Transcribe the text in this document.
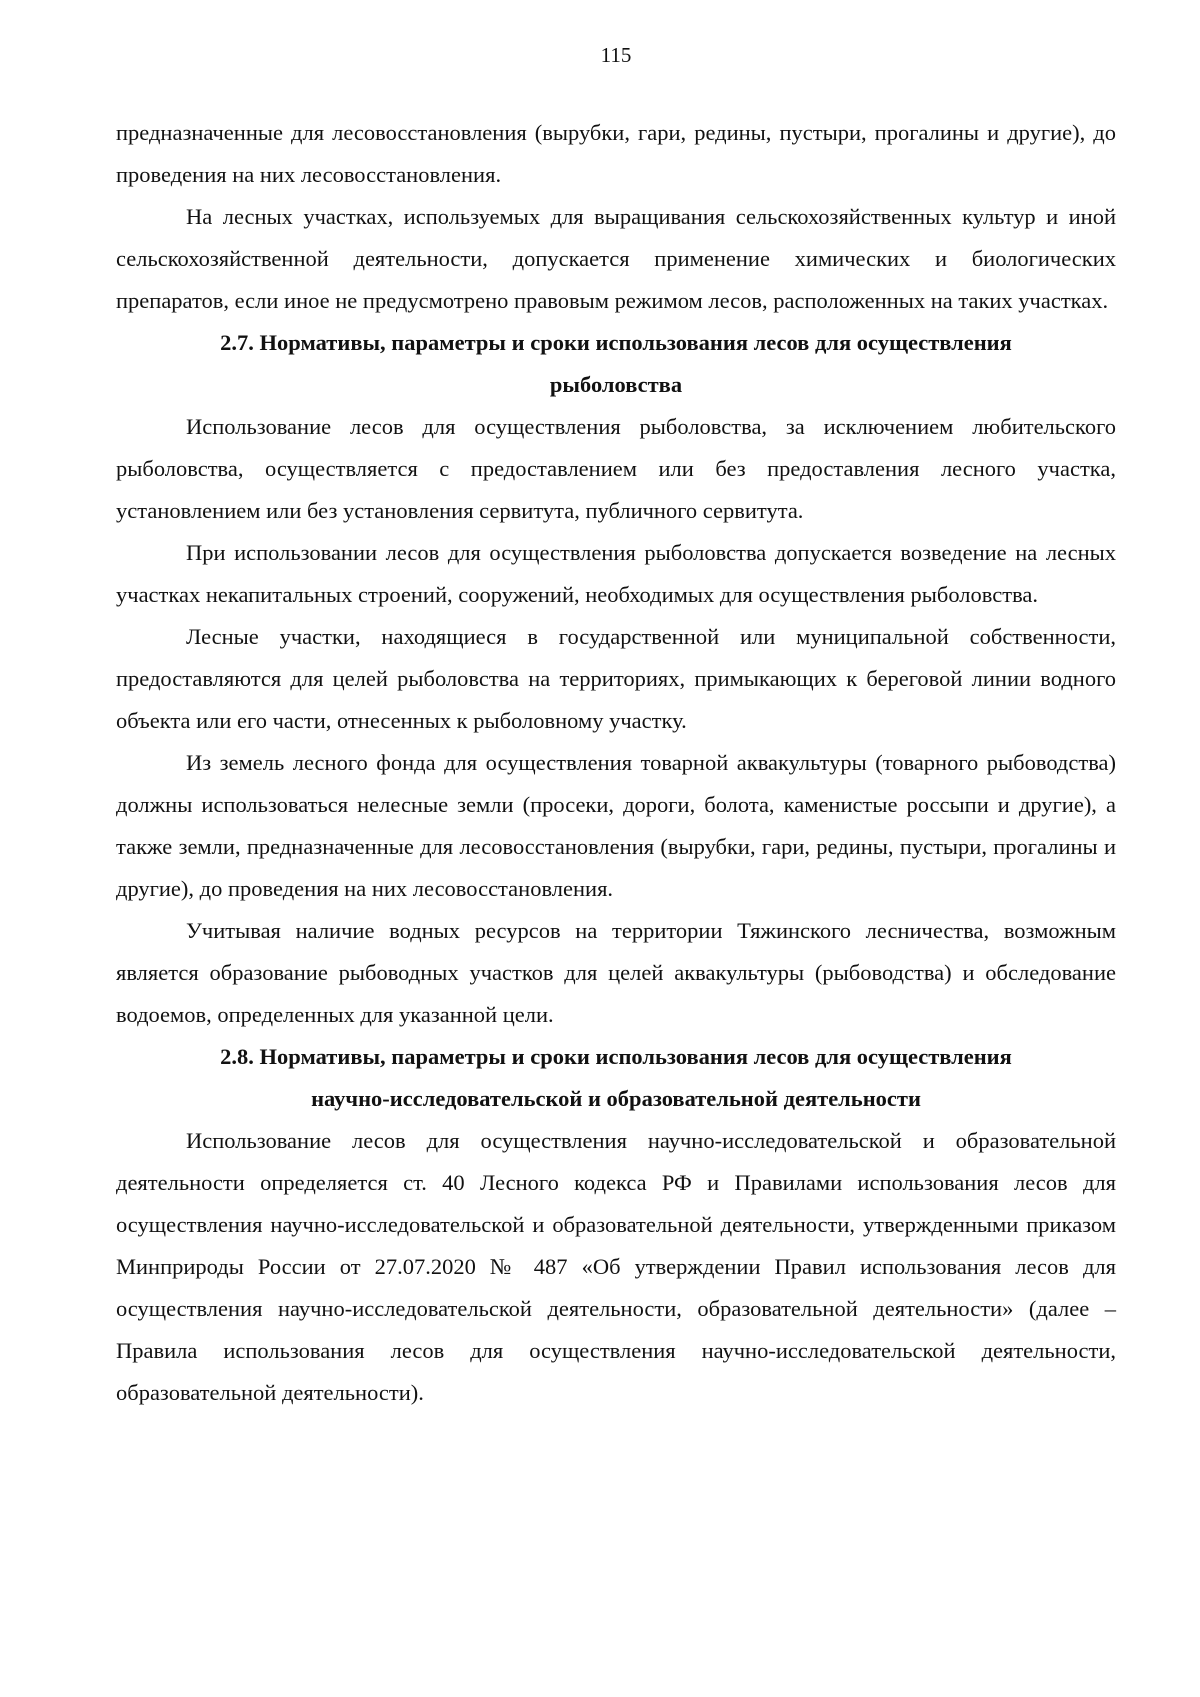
115

предназначенные для лесовосстановления (вырубки, гари, редины, пустыри, прогалины и другие), до проведения на них лесовосстановления.

На лесных участках, используемых для выращивания сельскохозяйственных культур и иной сельскохозяйственной деятельности, допускается применение химических и биологических препаратов, если иное не предусмотрено правовым режимом лесов, расположенных на таких участках.

2.7. Нормативы, параметры и сроки использования лесов для осуществления
рыболовства

Использование лесов для осуществления рыболовства, за исключением любительского рыболовства, осуществляется с предоставлением или без предоставления лесного участка, установлением или без установления сервитута, публичного сервитута.

При использовании лесов для осуществления рыболовства допускается возведение на лесных участках некапитальных строений, сооружений, необходимых для осуществления рыболовства.

Лесные участки, находящиеся в государственной или муниципальной собственности, предоставляются для целей рыболовства на территориях, примыкающих к береговой линии водного объекта или его части, отнесенных к рыболовному участку.

Из земель лесного фонда для осуществления товарной аквакультуры (товарного рыбоводства) должны использоваться нелесные земли (просеки, дороги, болота, каменистые россыпи и другие), а также земли, предназначенные для лесовосстановления (вырубки, гари, редины, пустыри, прогалины и другие), до проведения на них лесовосстановления.

Учитывая наличие водных ресурсов на территории Тяжинского лесничества, возможным является образование рыбоводных участков для целей аквакультуры (рыбоводства) и обследование водоемов, определенных для указанной цели.

2.8. Нормативы, параметры и сроки использования лесов для осуществления
научно-исследовательской и образовательной деятельности

Использование лесов для осуществления научно-исследовательской и образовательной деятельности определяется ст. 40 Лесного кодекса РФ и Правилами использования лесов для осуществления научно-исследовательской и образовательной деятельности, утвержденными приказом Минприроды России от 27.07.2020 № 487 «Об утверждении Правил использования лесов для осуществления научно-исследовательской деятельности, образовательной деятельности» (далее – Правила использования лесов для осуществления научно-исследовательской деятельности, образовательной деятельности).
